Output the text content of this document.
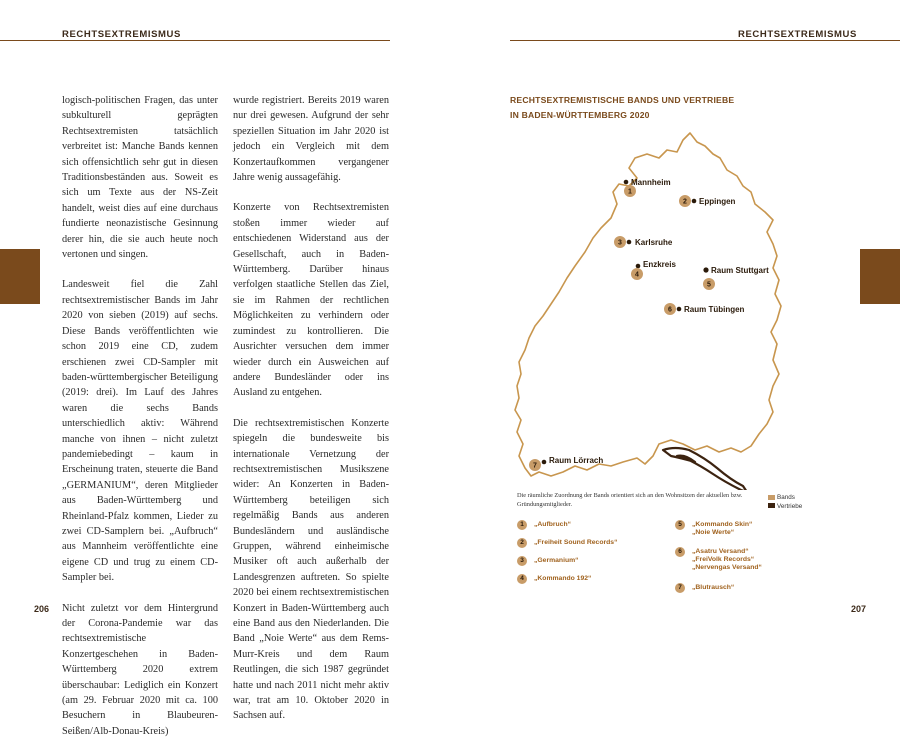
RECHTSEXTREMISMUS	RECHTSEXTREMISMUS

logisch-politischen Fragen, das unter subkulturell geprägten Rechtsextremisten tatsächlich verbreitet ist: Manche Bands kennen sich offensichtlich sehr gut in diesen Traditionsbeständen aus. Soweit es sich um Texte aus der NS-Zeit handelt, weist dies auf eine durchaus fundierte neonazistische Gesinnung derer hin, die sie auch heute noch vertonen und singen.

Landesweit fiel die Zahl rechtsextremistischer Bands im Jahr 2020 von sieben (2019) auf sechs. Diese Bands veröffentlichten wie schon 2019 eine CD, zudem erschienen zwei CD-Sampler mit baden-württembergischer Beteiligung (2019: drei). Im Lauf des Jahres waren die sechs Bands unterschiedlich aktiv: Während manche von ihnen – nicht zuletzt pandemiebedingt – kaum in Erscheinung traten, steuerte die Band „GERMANIUM“, deren Mitglieder aus Baden-Württemberg und Rheinland-Pfalz kommen, Lieder zu zwei CD-Samplern bei. „Aufbruch“ aus Mannheim veröffentlichte eine eigene CD und trug zu einem CD-Sampler bei.

Nicht zuletzt vor dem Hintergrund der Corona-Pandemie war das rechtsextremistische Konzertgeschehen in Baden-Württemberg 2020 extrem überschaubar: Lediglich ein Konzert (am 29. Februar 2020 mit ca. 100 Besuchern in Blaubeuren-Seißen/Alb-Donau-Kreis)

wurde registriert. Bereits 2019 waren nur drei gewesen. Aufgrund der sehr speziellen Situation im Jahr 2020 ist jedoch ein Vergleich mit dem Konzertaufkommen vergangener Jahre wenig aussagefähig.

Konzerte von Rechtsextremisten stoßen immer wieder auf entschiedenen Widerstand aus der Gesellschaft, auch in Baden-Württemberg. Darüber hinaus verfolgen staatliche Stellen das Ziel, sie im Rahmen der rechtlichen Möglichkeiten zu verhindern oder zumindest zu kontrollieren. Die Ausrichter versuchen dem immer wieder durch ein Ausweichen auf andere Bundesländer oder ins Ausland zu entgehen.

Die rechtsextremistischen Konzerte spiegeln die bundesweite bis internationale Vernetzung der rechtsextremistischen Musikszene wider: An Konzerten in Baden-Württemberg beteiligen sich regelmäßig Bands aus anderen Bundesländern und ausländische Gruppen, während einheimische Musiker oft auch außerhalb der Landesgrenzen auftreten. So spielte 2020 bei einem rechtsextremistischen Konzert in Baden-Württemberg auch eine Band aus den Niederlanden. Die Band „Noie Werte“ aus dem Rems-Murr-Kreis und dem Raum Reutlingen, die sich 1987 gegründet hatte und nach 2011 nicht mehr aktiv war, trat am 10. Oktober 2020 in Sachsen auf.

206
RECHTSEXTREMISTISCHE BANDS UND VERTRIEBE
IN BADEN-WÜRTTEMBERG 2020
Mannheim
1
2 Eppingen
3 Karlsruhe
Enzkreis
4	Raum Stuttgart
5
6 Raum Tübingen
7
Raum Lörrach
Die räumliche Zuordnung der Bands orientiert sich an den Wohnsitzen der aktuellen bzw. Gründungsmitglieder.
Bands
Vertriebe
1	„Aufbruch“
2	„Freiheit Sound Records“
3	„Germanium“
4	„Kommando 192“
5	„Kommando Skin“
„Noie Werte“
6	„Asatru Versand“
„FreiVolk Records“
„Nervengas Versand“
7	„Blutrausch“
207
